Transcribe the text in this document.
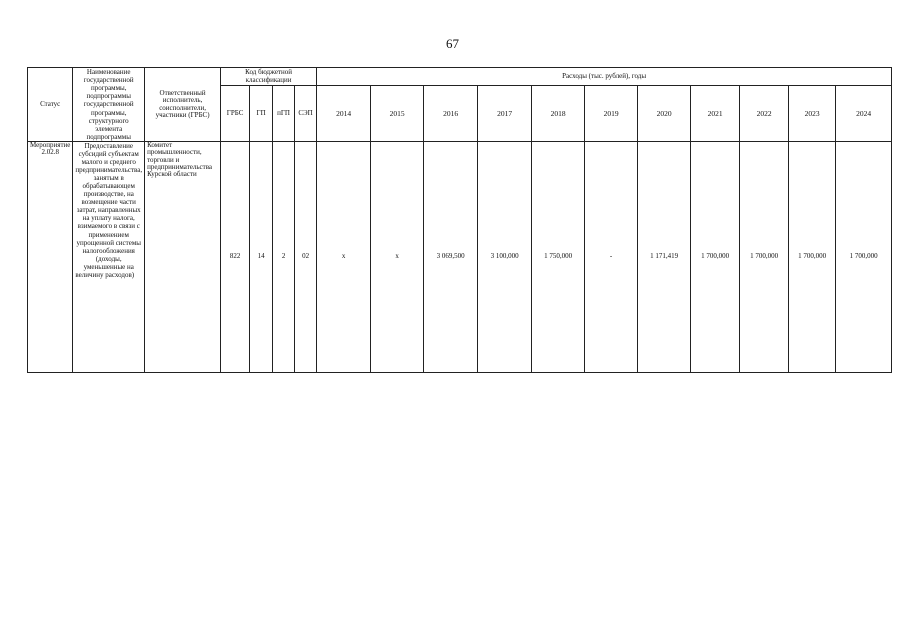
67
Статус	Наименование государственной программы, подпрограммы государственной программы, структурного элемента подпрограммы	Ответственный исполнитель, соисполнители, участники (ГРБС)	Код бюджетной классификации				Расходы (тыс. рублей), годы										
			ГРБС	ГП	пГП	СЭП	2014	2015	2016	2017	2018	2019	2020	2021	2022	2023	2024
Мероприятие 2.02.8	Предоставление субсидий субъектам малого и среднего предпринимательства, занятым в обрабатывающем производстве, на возмещение части затрат, направленных на уплату налога, взимаемого в связи с применением упрощенной системы налогообложения (доходы, уменьшенные на величину расходов)	Комитет промышленности, торговли и предпринимательства Курской области	822	14	2	02	x	x	3 069,500	3 100,000	1 750,000	-	1 171,419	1 700,000	1 700,000	1 700,000	1 700,000
